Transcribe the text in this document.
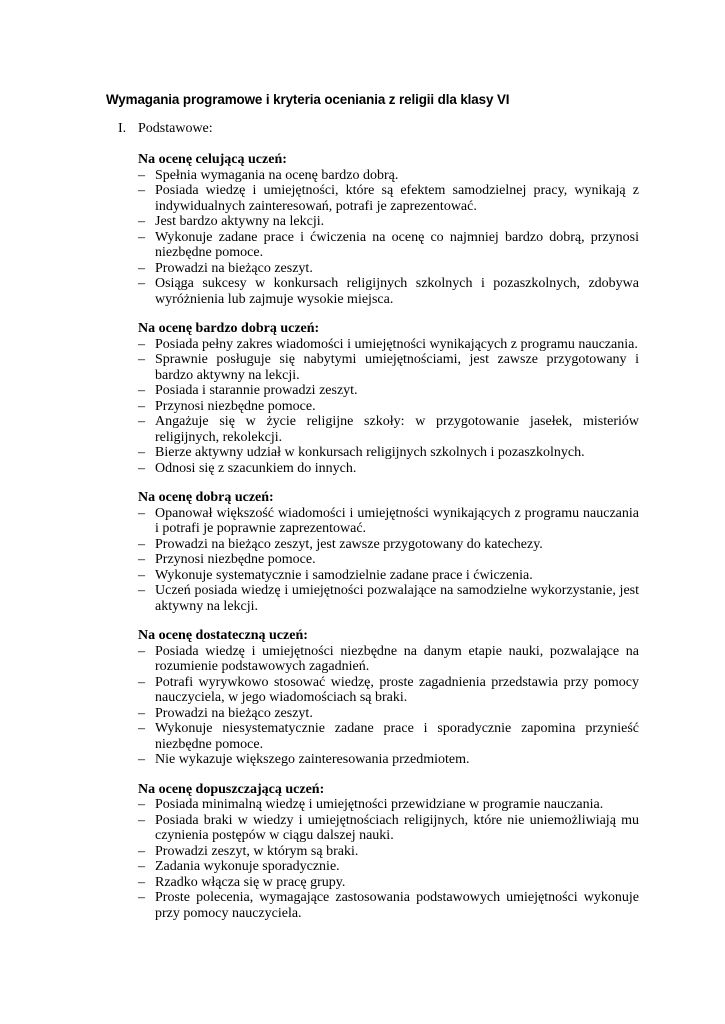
Wymagania programowe i kryteria oceniania z religii dla klasy VI
I. Podstawowe:

Na ocenę celującą uczeń:

– Spełnia wymagania na ocenę bardzo dobrą.
– Posiada wiedzę i umiejętności, które są efektem samodzielnej pracy, wynikają z indywidualnych zainteresowań, potrafi je zaprezentować.
– Jest bardzo aktywny na lekcji.
– Wykonuje zadane prace i ćwiczenia na ocenę co najmniej bardzo dobrą, przynosi niezbędne pomoce.
– Prowadzi na bieżąco zeszyt.
– Osiąga sukcesy w konkursach religijnych szkolnych i pozaszkolnych, zdobywa wyróżnienia lub zajmuje wysokie miejsca.

Na ocenę bardzo dobrą uczeń:

– Posiada pełny zakres wiadomości i umiejętności wynikających z programu nauczania.
– Sprawnie posługuje się nabytymi umiejętnościami, jest zawsze przygotowany i bardzo aktywny na lekcji.
– Posiada i starannie prowadzi zeszyt.
– Przynosi niezbędne pomoce.
– Angażuje się w życie religijne szkoły: w przygotowanie jasełek, misteriów religijnych, rekolekcji.
– Bierze aktywny udział w konkursach religijnych szkolnych i pozaszkolnych.
– Odnosi się z szacunkiem do innych.

Na ocenę dobrą uczeń:

– Opanował większość wiadomości i umiejętności wynikających z programu nauczania i potrafi je poprawnie zaprezentować.
– Prowadzi na bieżąco zeszyt, jest zawsze przygotowany do katechezy.
– Przynosi niezbędne pomoce.
– Wykonuje systematycznie i samodzielnie zadane prace i ćwiczenia.
– Uczeń posiada wiedzę i umiejętności pozwalające na samodzielne wykorzystanie, jest aktywny na lekcji.

Na ocenę dostateczną uczeń:

– Posiada wiedzę i umiejętności niezbędne na danym etapie nauki, pozwalające na rozumienie podstawowych zagadnień.
– Potrafi wyrywkowo stosować wiedzę, proste zagadnienia przedstawia przy pomocy nauczyciela, w jego wiadomościach są braki.
– Prowadzi na bieżąco zeszyt.
– Wykonuje niesystematycznie zadane prace i sporadycznie zapomina przynieść niezbędne pomoce.
– Nie wykazuje większego zainteresowania przedmiotem.

Na ocenę dopuszczającą uczeń:

– Posiada minimalną wiedzę i umiejętności przewidziane w programie nauczania.
– Posiada braki w wiedzy i umiejętnościach religijnych, które nie uniemożliwiają mu czynienia postępów w ciągu dalszej nauki.
– Prowadzi zeszyt, w którym są braki.
– Zadania wykonuje sporadycznie.
– Rzadko włącza się w pracę grupy.
– Proste polecenia, wymagające zastosowania podstawowych umiejętności wykonuje przy pomocy nauczyciela.
